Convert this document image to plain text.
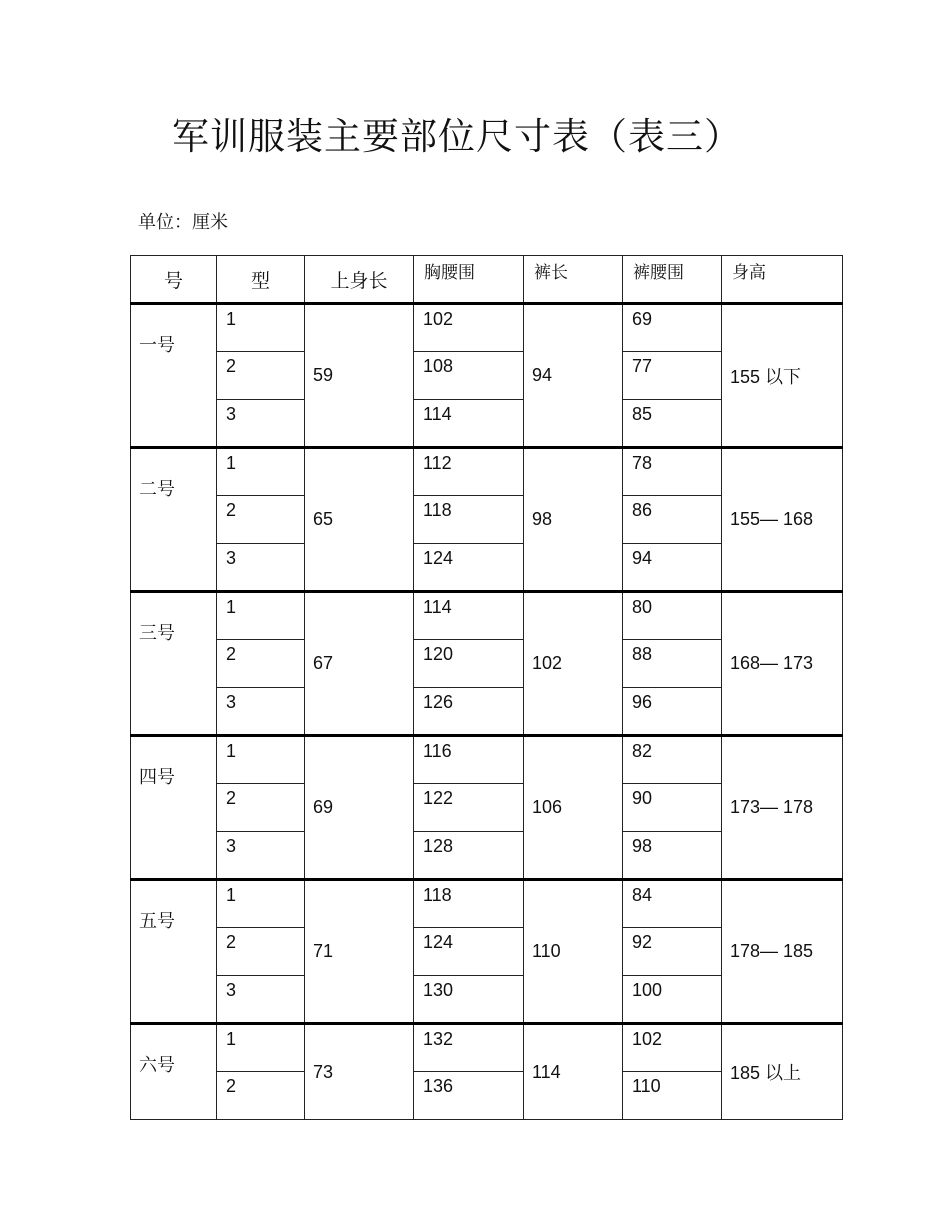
军训服装主要部位尺寸表（表三）
单位：厘米
号	型	上身长	胸腰围	裤长	裤腰围	身高
一号	1	59	102	94	69	155 以下
	2		108		77	
	3		114		85	
二号	1	65	112	98	78	155— 168
	2		118		86	
	3		124		94	
三号	1	67	114	102	80	168— 173
	2		120		88	
	3		126		96	
四号	1	69	116	106	82	173— 178
	2		122		90	
	3		128		98	
五号	1	71	118	110	84	178— 185
	2		124		92	
	3		130		100	
六号	1	73	132	114	102	185 以上
	2		136		110	
